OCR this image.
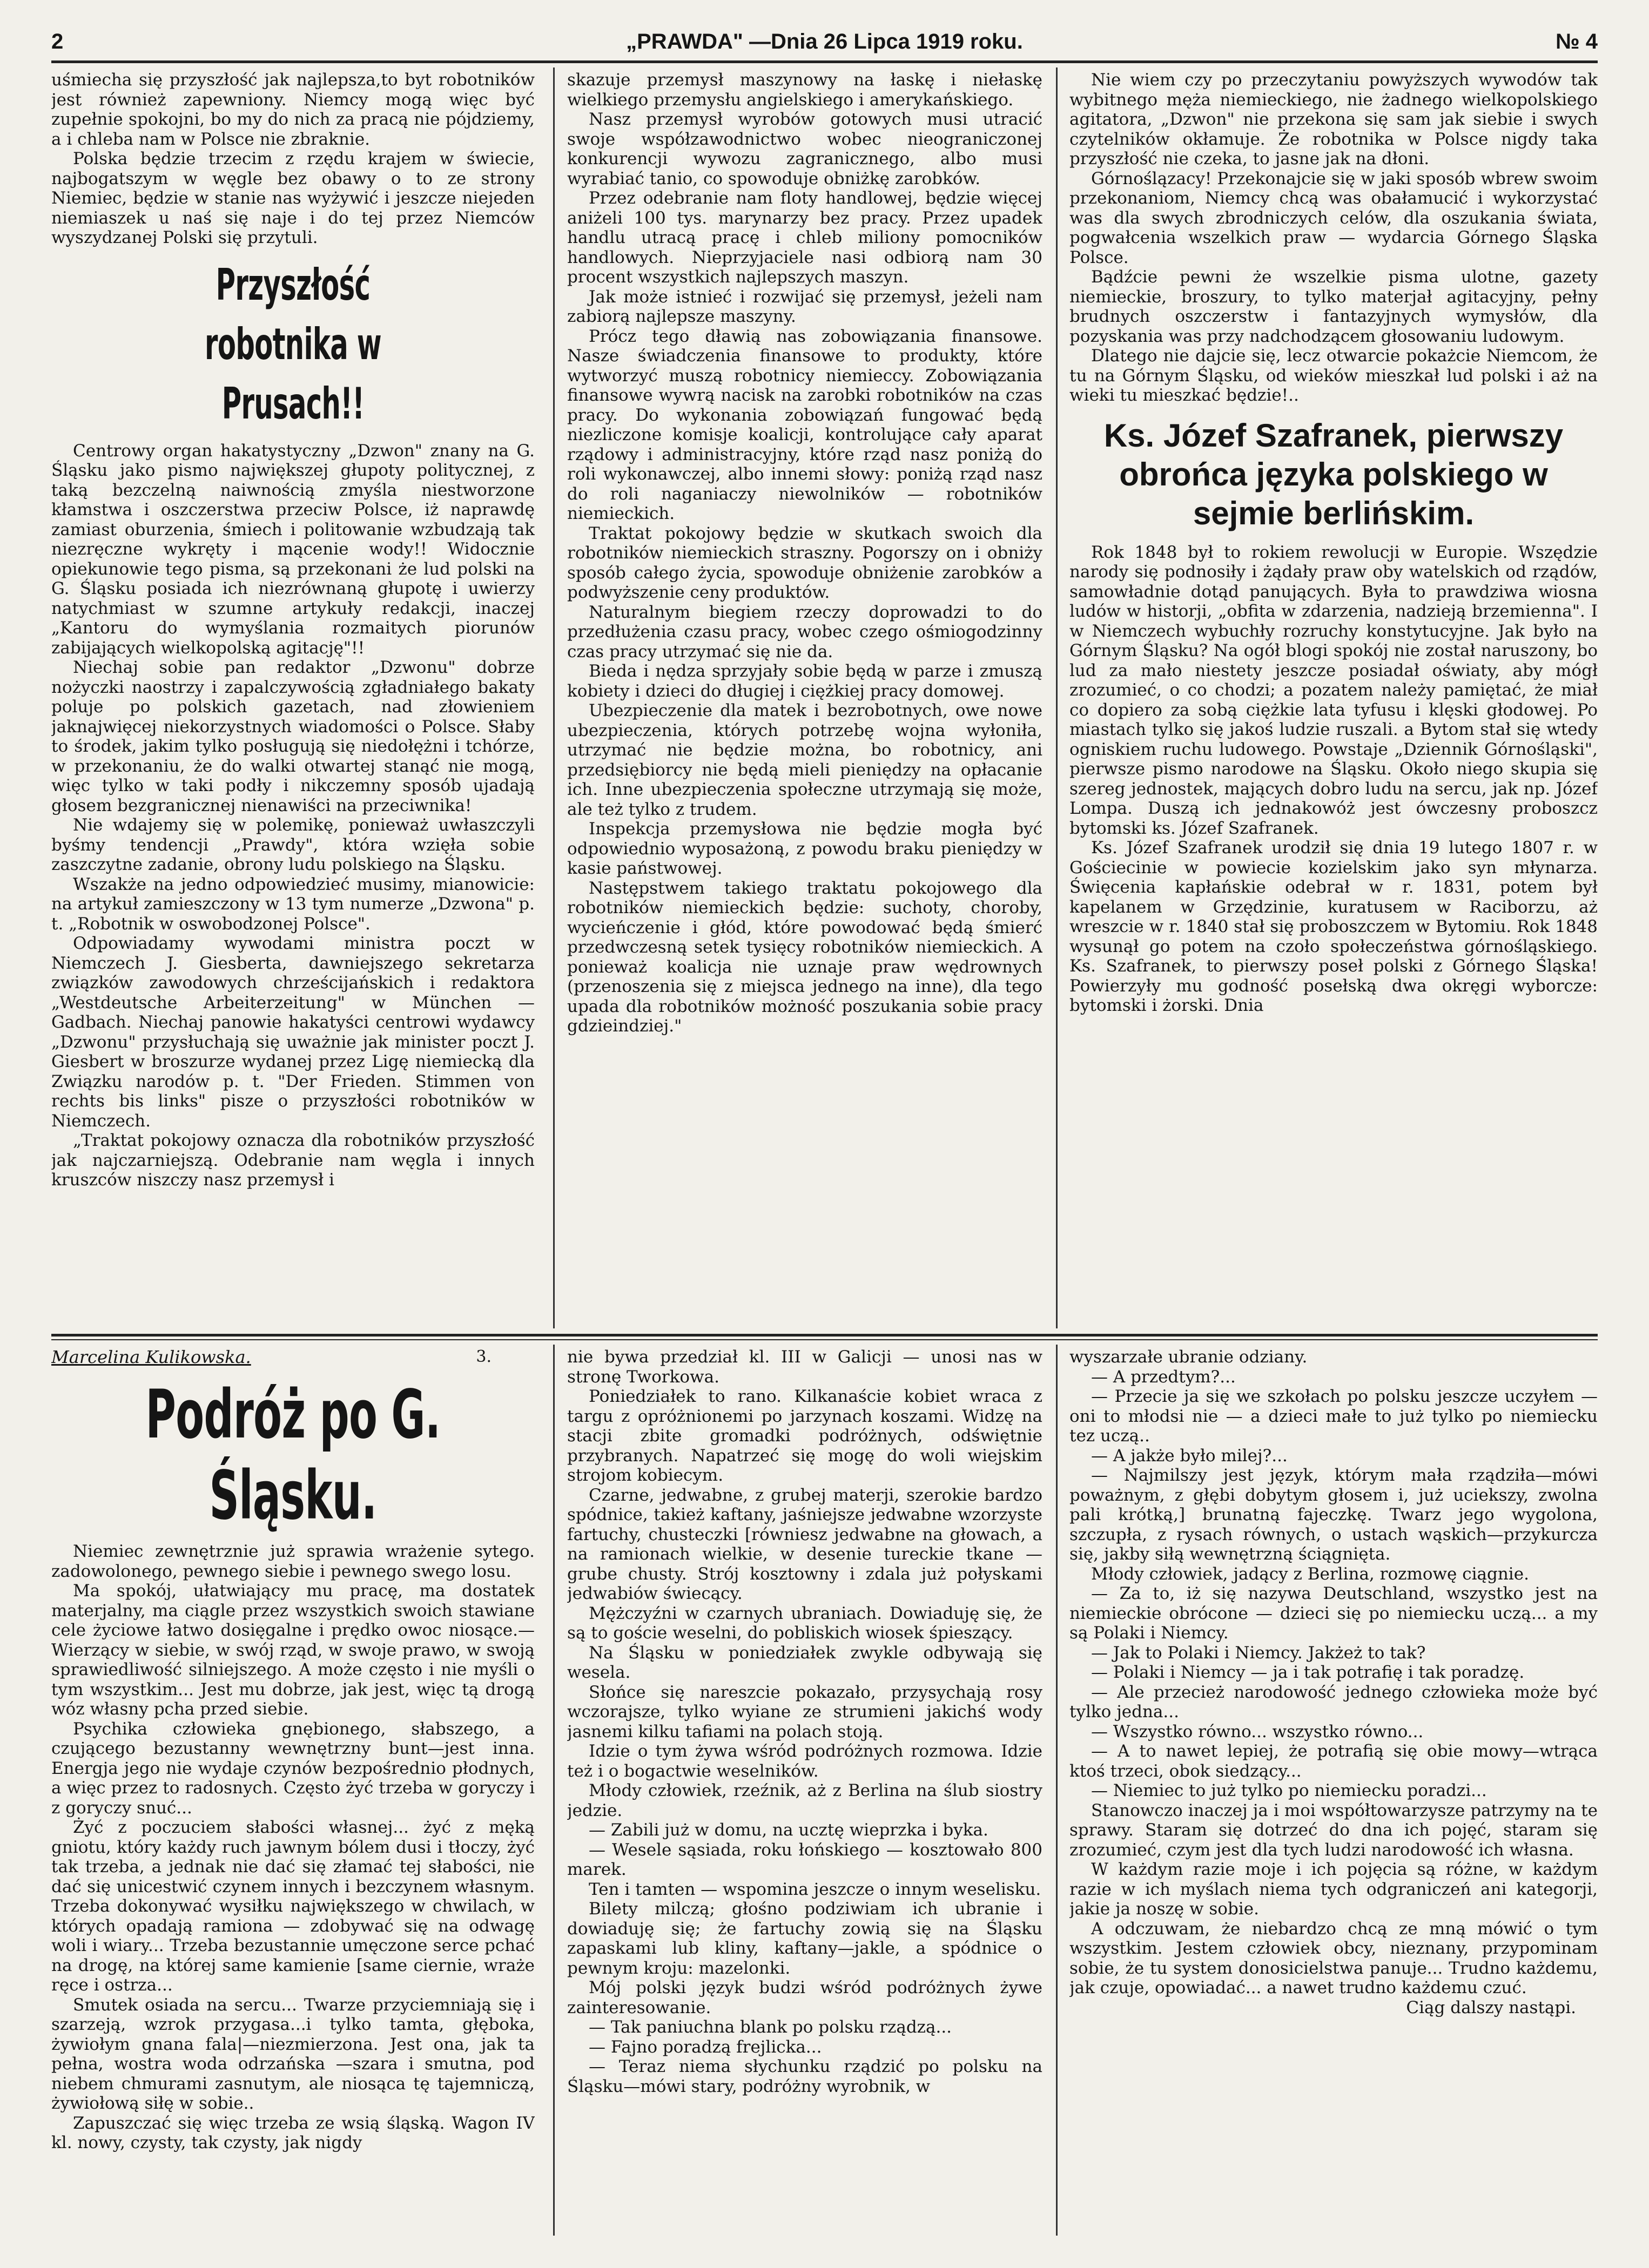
2	„PRAWDA" —Dnia 26 Lipca 1919 roku.	№ 4

uśmiecha się przyszłość jak najlepsza,to byt robotników jest również zapewniony. Niemcy mogą więc być zupełnie spokojni, bo my do nich za pracą nie pójdziemy, a i chleba nam w Polsce nie zbraknie.

Polska będzie trzecim z rzędu krajem w świecie, najbogatszym w węgle bez obawy o to ze strony Niemiec, będzie w stanie nas wyżywić i jeszcze niejeden niemiaszek u naś się naje i do tej przez Niemców wyszydzanej Polski się przytuli.

Przyszłość robotnika w Prusach!!

Centrowy organ hakatystyczny „Dzwon" znany na G. Śląsku jako pismo największej głupoty politycznej, z taką bezczelną naiwnością zmyśla niestworzone kłamstwa i oszczerstwa przeciw Polsce, iż naprawdę zamiast oburzenia, śmiech i politowanie wzbudzają tak niezręczne wykręty i mącenie wody!! Widocznie opiekunowie tego pisma, są przekonani że lud polski na G. Śląsku posiada ich niezrównaną głupotę i uwierzy natychmiast w szumne artykuły redakcji, inaczej „Kantoru do wymyślania rozmaitych piorunów zabijających wielkopolską agitację"!!

Niechaj sobie pan redaktor „Dzwonu" dobrze nożyczki naostrzy i zapalczywością zgładniałego bakaty poluje po polskich gazetach, nad złowieniem jaknajwięcej niekorzystnych wiadomości o Polsce. Słaby to środek, jakim tylko posługują się niedołężni i tchórze, w przekonaniu, że do walki otwartej stanąć nie mogą, więc tylko w taki podły i nikczemny sposób ujadają głosem bezgranicznej nienawiści na przeciwnika!

Nie wdajemy się w polemikę, ponieważ uwłaszczyli byśmy tendencji „Prawdy", która wzięła sobie zaszczytne zadanie, obrony ludu polskiego na Śląsku.

Wszakże na jedno odpowiedzieć musimy, mianowicie: na artykuł zamieszczony w 13 tym numerze „Dzwona" p. t. „Robotnik w oswobodzonej Polsce".

Odpowiadamy wywodami ministra poczt w Niemczech J. Giesberta, dawniejszego sekretarza związków zawodowych chrześcijańskich i redaktora „Westdeutsche Arbeiterzeitung" w München — Gadbach. Niechaj panowie hakatyści centrowi wydawcy „Dzwonu" przysłuchają się uważnie jak minister poczt J. Giesbert w broszurze wydanej przez Ligę niemiecką dla Związku narodów p. t. "Der Frieden. Stimmen von rechts bis links" pisze o przyszłości robotników w Niemczech.

„Traktat pokojowy oznacza dla robotników przyszłość jak najczarniejszą. Odebranie nam węgla i innych kruszców niszczy nasz przemysł i

skazuje przemysł maszynowy na łaskę i niełaskę wielkiego przemysłu angielskiego i amerykańskiego.

Nasz przemysł wyrobów gotowych musi utracić swoje współzawodnictwo wobec nieograniczonej konkurencji wywozu zagranicznego, albo musi wyrabiać tanio, co spowoduje obniżkę zarobków.

Przez odebranie nam floty handlowej, będzie więcej aniżeli 100 tys. marynarzy bez pracy. Przez upadek handlu utracą pracę i chleb miliony pomocników handlowych. Nieprzyjaciele nasi odbiorą nam 30 procent wszystkich najlepszych maszyn.

Jak może istnieć i rozwijać się przemysł, jeżeli nam zabiorą najlepsze maszyny.

Prócz tego dławią nas zobowiązania finansowe. Nasze świadczenia finansowe to produkty, które wytworzyć muszą robotnicy niemieccy. Zobowiązania finansowe wywrą nacisk na zarobki robotników na czas pracy. Do wykonania zobowiązań fungować będą niezliczone komisje koalicji, kontrolujące cały aparat rządowy i administracyjny, które rząd nasz poniżą do roli wykonawczej, albo innemi słowy: poniżą rząd nasz do roli naganiaczy niewolników — robotników niemieckich.

Traktat pokojowy będzie w skutkach swoich dla robotników niemieckich straszny. Pogorszy on i obniży sposób całego życia, spowoduje obniżenie zarobków a podwyższenie ceny produktów.

Naturalnym biegiem rzeczy doprowadzi to do przedłużenia czasu pracy, wobec czego ośmiogodzinny czas pracy utrzymać się nie da.

Bieda i nędza sprzyjały sobie będą w parze i zmuszą kobiety i dzieci do długiej i ciężkiej pracy domowej.

Ubezpieczenie dla matek i bezrobotnych, owe nowe ubezpieczenia, których potrzebę wojna wyłoniła, utrzymać nie będzie można, bo robotnicy, ani przedsiębiorcy nie będą mieli pieniędzy na opłacanie ich. Inne ubezpieczenia społeczne utrzymają się może, ale też tylko z trudem.

Inspekcja przemysłowa nie będzie mogła być odpowiednio wyposażoną, z powodu braku pieniędzy w kasie państwowej.

Następstwem takiego traktatu pokojowego dla robotników niemieckich będzie: suchoty, choroby, wycieńczenie i głód, które powodować będą śmierć przedwczesną setek tysięcy robotników niemieckich. A ponieważ koalicja nie uznaje praw wędrownych (przenoszenia się z miejsca jednego na inne), dla tego upada dla robotników możność poszukania sobie pracy gdzieindziej."

Nie wiem czy po przeczytaniu powyższych wywodów tak wybitnego męża niemieckiego, nie żadnego wielkopolskiego agitatora, „Dzwon" nie przekona się sam jak siebie i swych czytelników okłamuje. Że robotnika w Polsce nigdy taka przyszłość nie czeka, to jasne jak na dłoni.

Górnoślązacy! Przekonajcie się w jaki sposób wbrew swoim przekonaniom, Niemcy chcą was obałamucić i wykorzystać was dla swych zbrodniczych celów, dla oszukania świata, pogwałcenia wszelkich praw — wydarcia Górnego Śląska Polsce.

Bądźcie pewni że wszelkie pisma ulotne, gazety niemieckie, broszury, to tylko materjał agitacyjny, pełny brudnych oszczerstw i fantazyjnych wymysłów, dla pozyskania was przy nadchodzącem głosowaniu ludowym.

Dlatego nie dajcie się, lecz otwarcie pokażcie Niemcom, że tu na Górnym Śląsku, od wieków mieszkał lud polski i aż na wieki tu mieszkać będzie!..

Ks. Józef Szafranek, pierwszy obrońca języka polskiego w sejmie berlińskim.

Rok 1848 był to rokiem rewolucji w Europie. Wszędzie narody się podnosiły i żądały praw oby watelskich od rządów, samowładnie dotąd panujących. Była to prawdziwa wiosna ludów w historji, „obfita w zdarzenia, nadzieją brzemienna". I w Niemczech wybuchły rozruchy konstytucyjne. Jak było na Górnym Śląsku? Na ogół blogi spokój nie został naruszony, bo lud za mało niestety jeszcze posiadał oświaty, aby mógł zrozumieć, o co chodzi; a pozatem należy pamiętać, że miał co dopiero za sobą ciężkie lata tyfusu i klęski głodowej. Po miastach tylko się jakoś ludzie ruszali. a Bytom stał się wtedy ogniskiem ruchu ludowego. Powstaje „Dziennik Górnośląski", pierwsze pismo narodowe na Śląsku. Około niego skupia się szereg jednostek, mających dobro ludu na sercu, jak np. Józef Lompa. Duszą ich jednakowóż jest ówczesny proboszcz bytomski ks. Józef Szafranek.

Ks. Józef Szafranek urodził się dnia 19 lutego 1807 r. w Gościecinie w powiecie kozielskim jako syn młynarza. Święcenia kapłańskie odebrał w r. 1831, potem był kapelanem w Grzędzinie, kuratusem w Raciborzu, aż wreszcie w r. 1840 stał się proboszczem w Bytomiu. Rok 1848 wysunął go potem na czoło społeczeństwa górnośląskiego. Ks. Szafranek, to pierwszy poseł polski z Górnego Śląska! Powierzyły mu godność posełską dwa okręgi wyborcze: bytomski i żorski. Dnia

Marcelina Kulikowska.	3.
Podróż po G. Śląsku.

Niemiec zewnętrznie już sprawia wrażenie sytego. zadowolonego, pewnego siebie i pewnego swego losu.

Ma spokój, ułatwiający mu pracę, ma dostatek materjalny, ma ciągle przez wszystkich swoich stawiane cele życiowe łatwo dosięgalne i prędko owoc niosące.—Wierzący w siebie, w swój rząd, w swoje prawo, w swoją sprawiedliwość silniejszego. A może często i nie myśli o tym wszystkim... Jest mu dobrze, jak jest, więc tą drogą wóz własny pcha przed siebie.

Psychika człowieka gnębionego, słabszego, a czującego bezustanny wewnętrzny bunt—jest inna. Energja jego nie wydaje czynów bezpośrednio płodnych, a więc przez to radosnych. Często żyć trzeba w goryczy i z goryczy snuć...

Żyć z poczuciem słabości własnej... żyć z męką gniotu, który każdy ruch jawnym bólem dusi i tłoczy, żyć tak trzeba, a jednak nie dać się złamać tej słabości, nie dać się unicestwić czynem innych i bezczynem własnym. Trzeba dokonywać wysiłku największego w chwilach, w których opadają ramiona — zdobywać się na odwagę woli i wiary... Trzeba bezustannie umęczone serce pchać na drogę, na której same kamienie [same ciernie, wraże ręce i ostrza...

Smutek osiada na sercu... Twarze przyciemniają się i szarzeją, wzrok przygasa...i tylko tamta, głęboka, żywiołym gnana fala|—niezmierzona. Jest ona, jak ta pełna, wostra woda odrzańska —szara i smutna, pod niebem chmurami zasnutym, ale niosąca tę tajemniczą, żywiołową siłę w sobie..

Zapuszczać się więc trzeba ze wsią śląską. Wagon IV kl. nowy, czysty, tak czysty, jak nigdy

nie bywa przedział kl. III w Galicji — unosi nas w stronę Tworkowa.

Poniedziałek to rano. Kilkanaście kobiet wraca z targu z opróżnionemi po jarzynach koszami. Widzę na stacji zbite gromadki podróżnych, odświętnie przybranych. Napatrzeć się mogę do woli wiejskim strojom kobiecym.

Czarne, jedwabne, z grubej materji, szerokie bardzo spódnice, takież kaftany, jaśniejsze jedwabne wzorzyste fartuchy, chusteczki [równiesz jedwabne na głowach, a na ramionach wielkie, w desenie tureckie tkane — grube chusty. Strój kosztowny i zdala już połyskami jedwabiów świecący.

Mężczyźni w czarnych ubraniach. Dowiaduję się, że są to goście weselni, do pobliskich wiosek śpieszący.

Na Śląsku w poniedziałek zwykle odbywają się wesela.

Słońce się nareszcie pokazało, przysychają rosy wczorajsze, tylko wyiane ze strumieni jakichś wody jasnemi kilku tafiami na polach stoją.

Idzie o tym żywa wśród podróżnych rozmowa. Idzie też i o bogactwie weselników.

Młody człowiek, rzeźnik, aż z Berlina na ślub siostry jedzie.

— Zabili już w domu, na ucztę wieprzka i byka.

— Wesele sąsiada, roku łońskiego — kosztowało 800 marek.

Ten i tamten — wspomina jeszcze o innym weselisku.

Bilety milczą; głośno podziwiam ich ubranie i dowiaduję się; że fartuchy zowią się na Śląsku zapaskami lub kliny, kaftany—jakle, a spódnice o pewnym kroju: mazelonki.

Mój polski język budzi wśród podróżnych żywe zainteresowanie.

— Tak paniuchna blank po polsku rządzą...

— Fajno poradzą frejlicka...

— Teraz niema słychunku rządzić po polsku na Śląsku—mówi stary, podróżny wyrobnik, w

wyszarzałe ubranie odziany.

— A przedtym?...

— Przecie ja się we szkołach po polsku jeszcze uczyłem — oni to młodsi nie — a dzieci małe to już tylko po niemiecku tez uczą..

— A jakże było milej?...

— Najmilszy jest język, którym mała rządziła—mówi poważnym, z głębi dobytym głosem i, już uciekszy, zwolna pali krótką,] brunatną fajeczkę. Twarz jego wygolona, szczupła, z rysach równych, o ustach wąskich—przykurcza się, jakby siłą wewnętrzną ściągnięta.

Młody człowiek, jadący z Berlina, rozmowę ciągnie.

— Za to, iż się nazywa Deutschland, wszystko jest na niemieckie obrócone — dzieci się po niemiecku uczą... a my są Polaki i Niemcy.

— Jak to Polaki i Niemcy. Jakżeż to tak?

— Polaki i Niemcy — ja i tak potrafię i tak poradzę.

— Ale przecież narodowość jednego człowieka może być tylko jedna...

— Wszystko równo... wszystko równo...

— A to nawet lepiej, że potrafią się obie mowy—wtrąca ktoś trzeci, obok siedzący...

— Niemiec to już tylko po niemiecku poradzi...

Stanowczo inaczej ja i moi współtowarzysze patrzymy na te sprawy. Staram się dotrzeć do dna ich pojęć, staram się zrozumieć, czym jest dla tych ludzi narodowość ich własna.

W każdym razie moje i ich pojęcia są różne, w każdym razie w ich myślach niema tych odgraniczeń ani kategorji, jakie ja noszę w sobie.

A odczuwam, że niebardzo chcą ze mną mówić o tym wszystkim. Jestem człowiek obcy, nieznany, przypominam sobie, że tu system donosicielstwa panuje... Trudno każdemu, jak czuje, opowiadać... a nawet trudno każdemu czuć.

Ciąg dalszy nastąpi.
